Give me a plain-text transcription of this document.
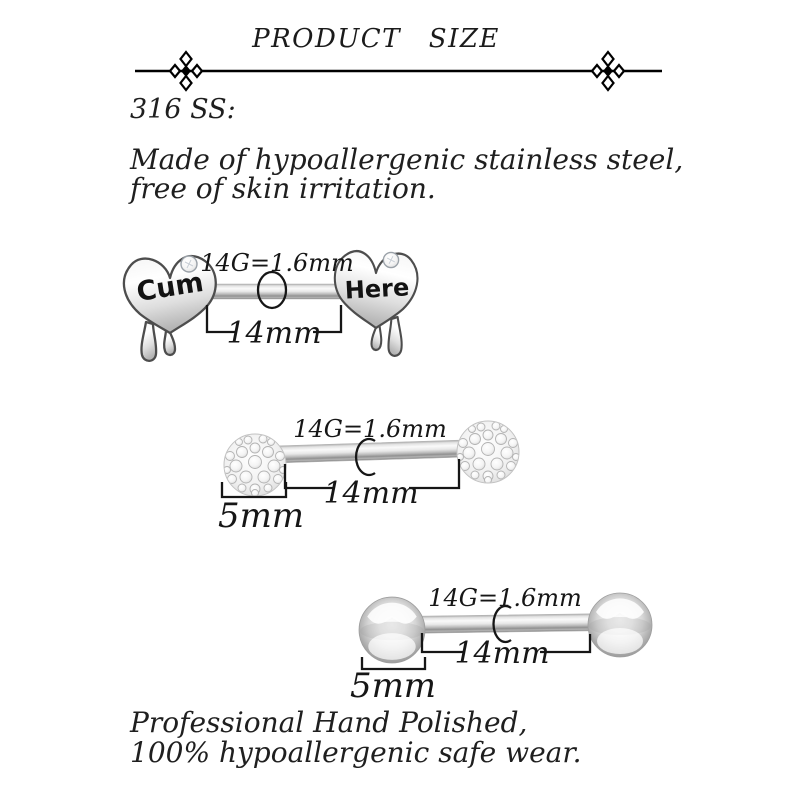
PRODUCT SIZE
316 SS:
Made of hypoallergenic stainless steel,
free of skin irritation.
Cum	Here
14G=1.6mm
14mm
14G=1.6mm
14mm
5mm
14G=1.6mm
14mm
5mm
Professional Hand Polished,
100% hypoallergenic safe wear.
